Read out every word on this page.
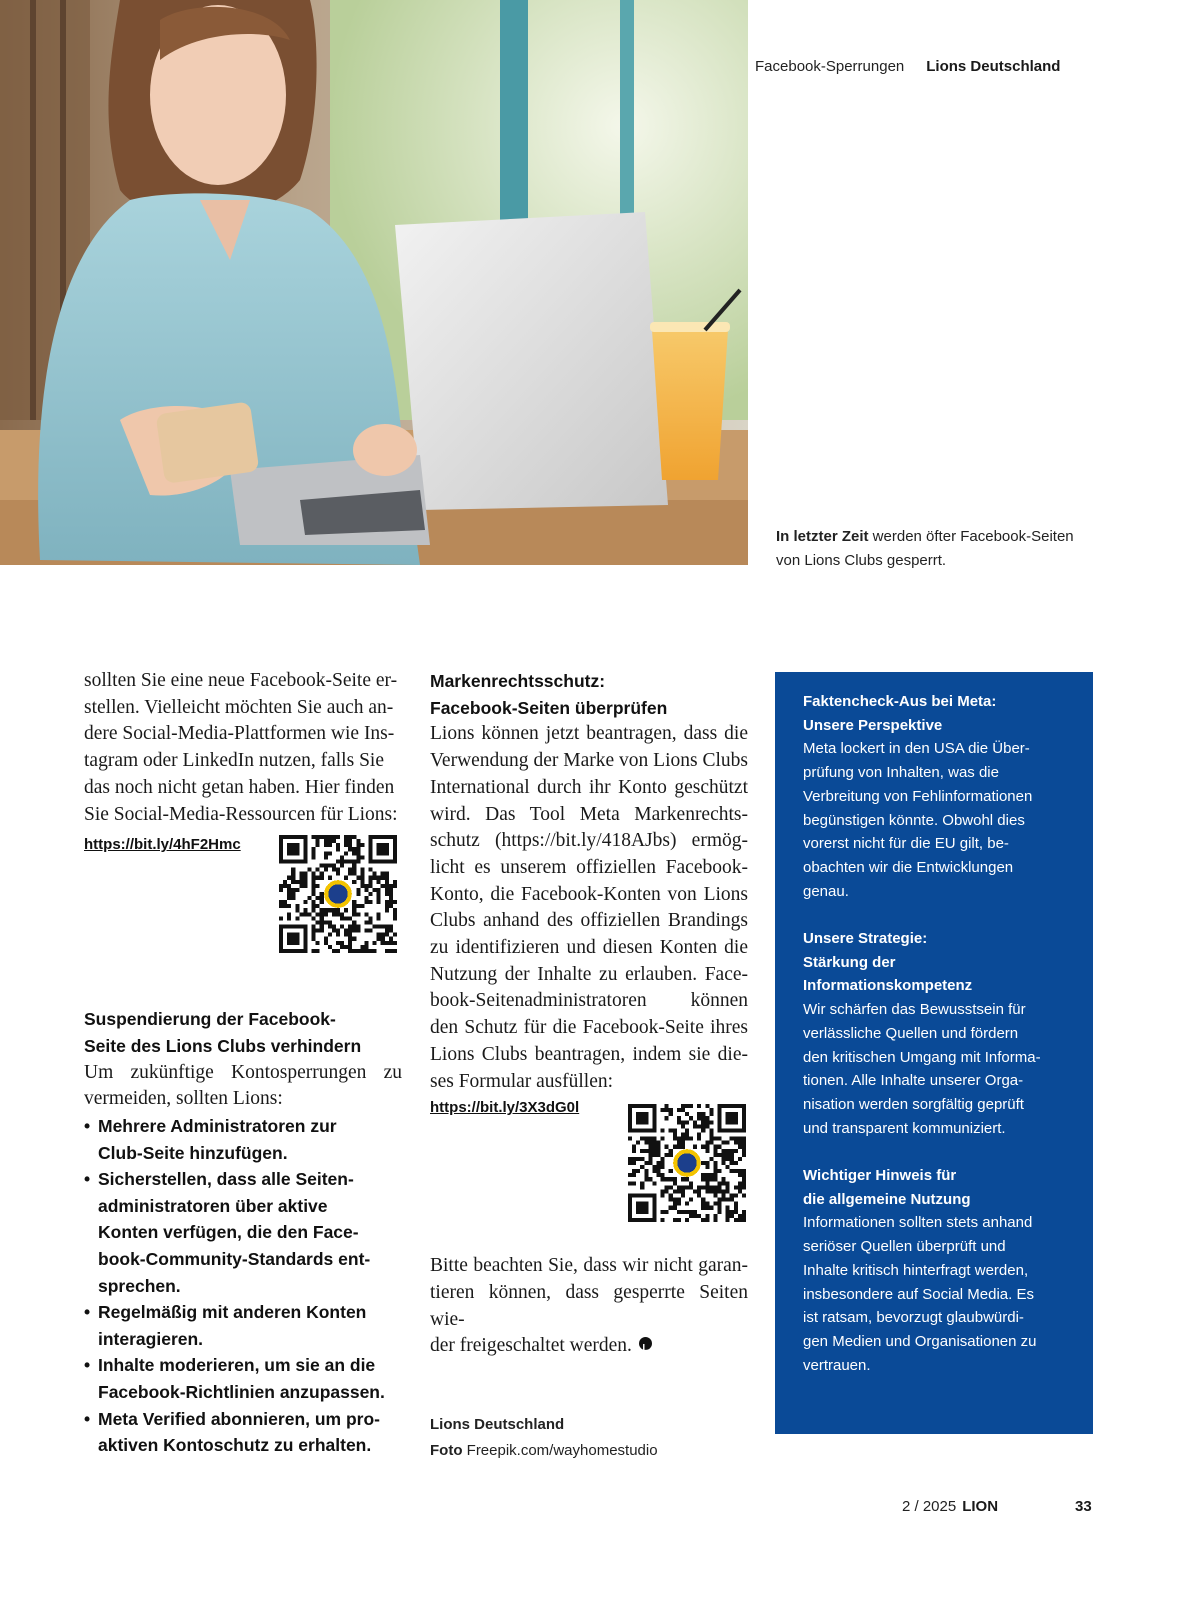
Facebook-Sperrungen Lions Deutschland
In letzter Zeit werden öfter Facebook-Seiten von Lions Clubs gesperrt.
sollten Sie eine neue Facebook-Seite er-
stellen. Vielleicht möchten Sie auch an-
dere Social-Media-Plattformen wie Ins-
tagram oder LinkedIn nutzen, falls Sie
das noch nicht getan haben. Hier finden
Sie Social-Media-Ressourcen für Lions:
https://bit.ly/4hF2Hmc
Suspendierung der Facebook-
Seite des Lions Clubs verhindern
Um zukünftige Kontosperrungen zu
vermeiden, sollten Lions:
• Mehrere Administratoren zur
Club-Seite hinzufügen.
• Sicherstellen, dass alle Seiten-
administratoren über aktive
Konten verfügen, die den Face-
book-Community-Standards ent-
sprechen.
• Regelmäßig mit anderen Konten
interagieren.
• Inhalte moderieren, um sie an die
Facebook-Richtlinien anzupassen.
• Meta Verified abonnieren, um pro-
aktiven Kontoschutz zu erhalten.
Markenrechtsschutz:
Facebook-Seiten überprüfen
Lions können jetzt beantragen, dass die
Verwendung der Marke von Lions Clubs
International durch ihr Konto geschützt
wird. Das Tool Meta Markenrechts-
schutz (https://bit.ly/418AJbs) ermög-
licht es unserem offiziellen Facebook-
Konto, die Facebook-Konten von Lions
Clubs anhand des offiziellen Brandings
zu identifizieren und diesen Konten die
Nutzung der Inhalte zu erlauben. Face-
book-Seitenadministratoren können
den Schutz für die Facebook-Seite ihres
Lions Clubs beantragen, indem sie die-
ses Formular ausfüllen:
https://bit.ly/3X3dG0l
Bitte beachten Sie, dass wir nicht garan-
tieren können, dass gesperrte Seiten wie-
der freigeschaltet werden. L
Lions Deutschland
Foto Freepik.com/wayhomestudio
Faktencheck-Aus bei Meta:
Unsere Perspektive
Meta lockert in den USA die Über-
prüfung von Inhalten, was die
Verbreitung von Fehlinformationen
begünstigen könnte. Obwohl dies
vorerst nicht für die EU gilt, be-
obachten wir die Entwicklungen
genau.
Unsere Strategie:
Stärkung der
Informationskompetenz
Wir schärfen das Bewusstsein für
verlässliche Quellen und fördern
den kritischen Umgang mit Informa-
tionen. Alle Inhalte unserer Orga-
nisation werden sorgfältig geprüft
und transparent kommuniziert.
Wichtiger Hinweis für
die allgemeine Nutzung
Informationen sollten stets anhand
seriöser Quellen überprüft und
Inhalte kritisch hinterfragt werden,
insbesondere auf Social Media. Es
ist ratsam, bevorzugt glaubwürdi-
gen Medien und Organisationen zu
vertrauen.
2 / 2025 LION	33
